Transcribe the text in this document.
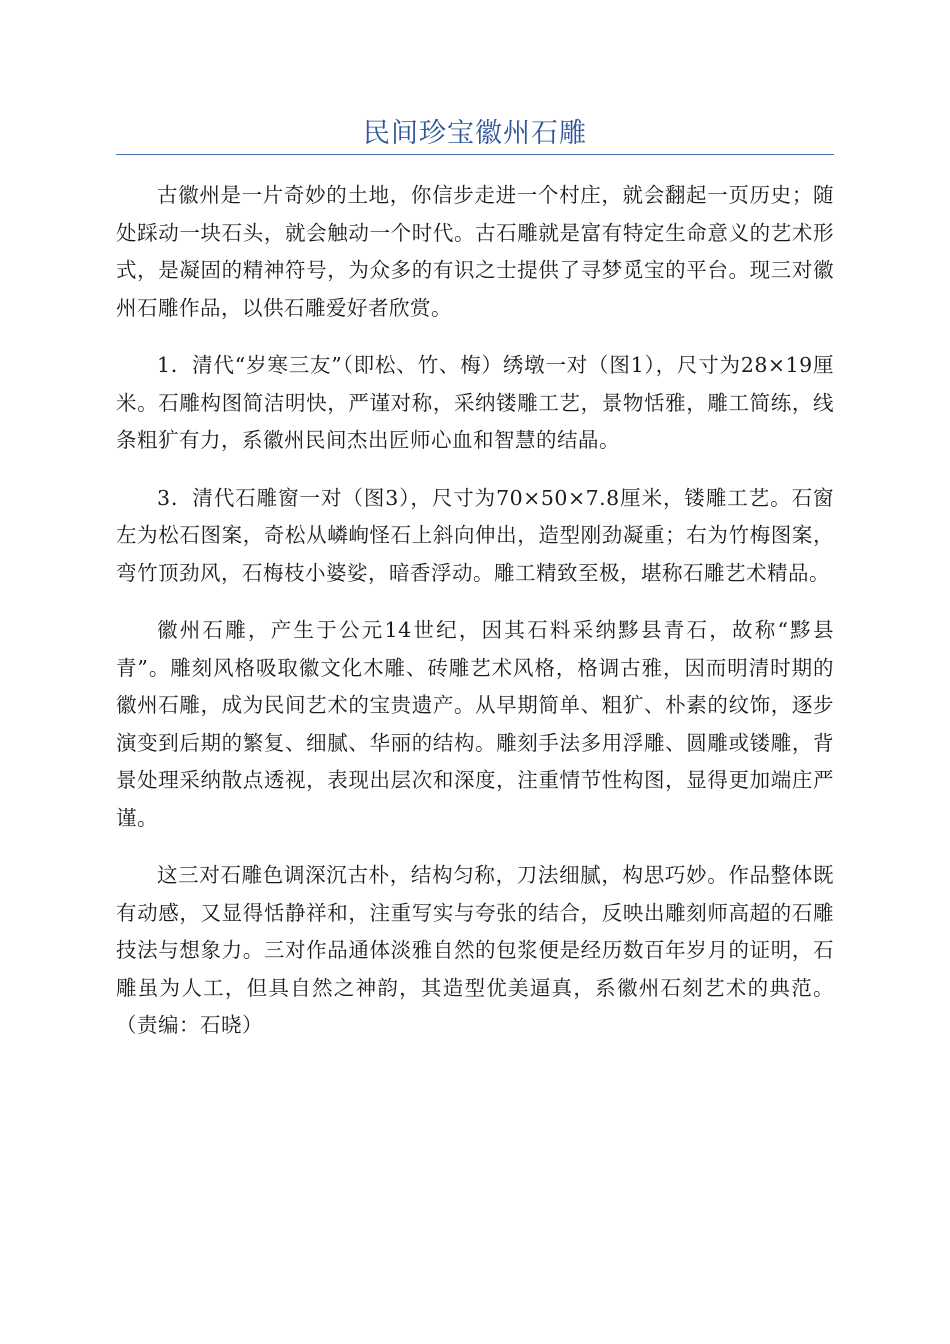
民间珍宝徽州石雕

古徽州是一片奇妙的土地，你信步走进一个村庄，就会翻起一页历史；随处踩动一块石头，就会触动一个时代。古石雕就是富有特定生命意义的艺术形式，是凝固的精神符号，为众多的有识之士提供了寻梦觅宝的平台。现三对徽州石雕作品，以供石雕爱好者欣赏。

1．清代“岁寒三友”（即松、竹、梅）绣墩一对（图1），尺寸为28×19厘米。石雕构图简洁明快，严谨对称，采纳镂雕工艺，景物恬雅，雕工简练，线条粗犷有力，系徽州民间杰出匠师心血和智慧的结晶。

3．清代石雕窗一对（图3），尺寸为70×50×7.8厘米，镂雕工艺。石窗左为松石图案，奇松从嶙峋怪石上斜向伸出，造型刚劲凝重；右为竹梅图案，弯竹顶劲风，石梅枝小婆娑，暗香浮动。雕工精致至极，堪称石雕艺术精品。

徽州石雕，产生于公元14世纪，因其石料采纳黟县青石，故称“黟县青”。雕刻风格吸取徽文化木雕、砖雕艺术风格，格调古雅，因而明清时期的徽州石雕，成为民间艺术的宝贵遗产。从早期简单、粗犷、朴素的纹饰，逐步演变到后期的繁复、细腻、华丽的结构。雕刻手法多用浮雕、圆雕或镂雕，背景处理采纳散点透视，表现出层次和深度，注重情节性构图，显得更加端庄严谨。

这三对石雕色调深沉古朴，结构匀称，刀法细腻，构思巧妙。作品整体既有动感，又显得恬静祥和，注重写实与夸张的结合，反映出雕刻师高超的石雕技法与想象力。三对作品通体淡雅自然的包浆便是经历数百年岁月的证明，石雕虽为人工，但具自然之神韵，其造型优美逼真，系徽州石刻艺术的典范。（责编：石晓）
